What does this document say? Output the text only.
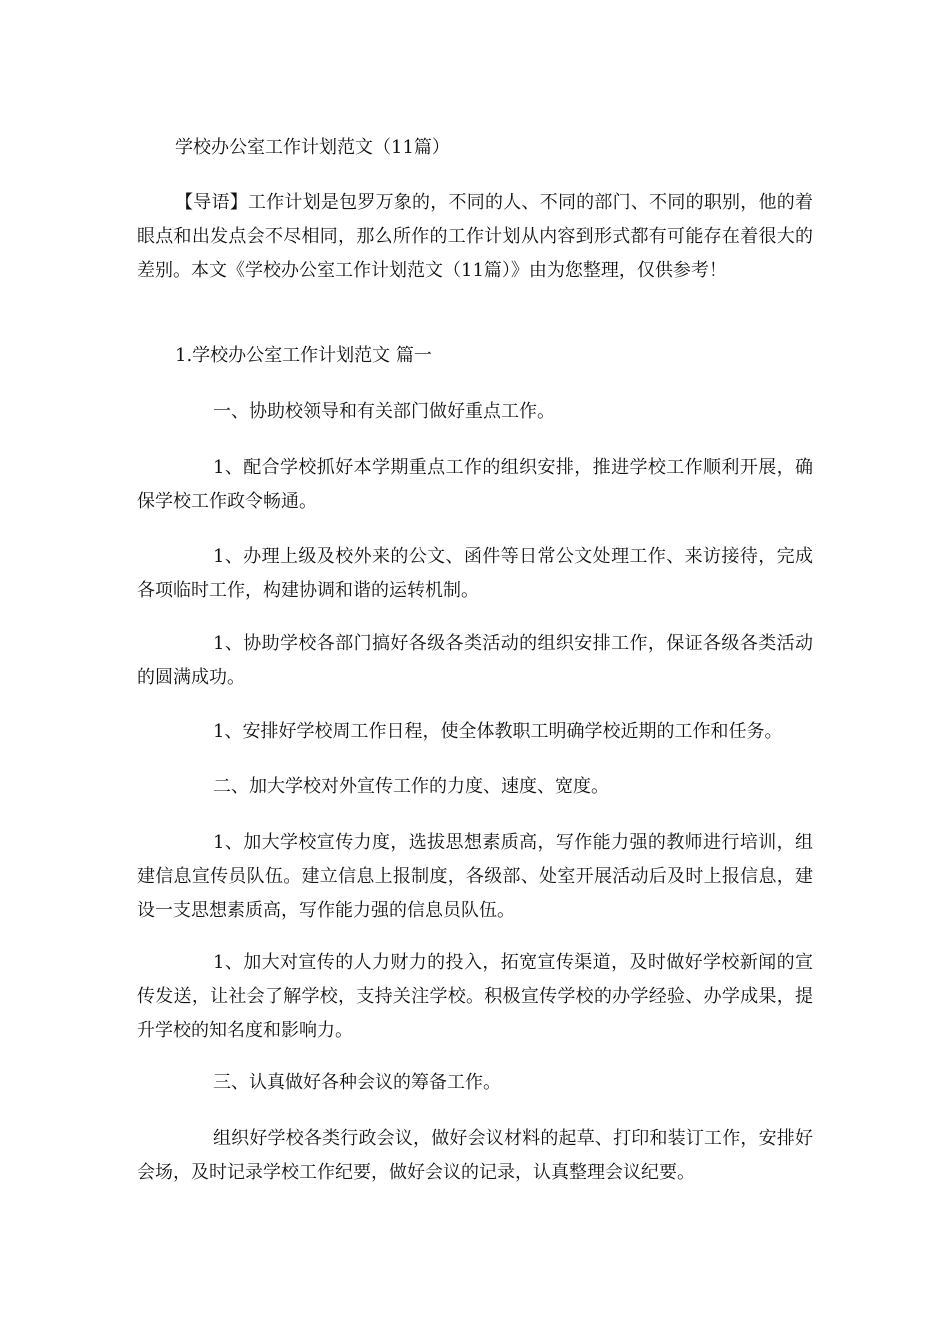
学校办公室工作计划范文（11篇）

【导语】工作计划是包罗万象的，不同的人、不同的部门、不同的职别，他的着眼点和出发点会不尽相同，那么所作的工作计划从内容到形式都有可能存在着很大的差别。本文《学校办公室工作计划范文（11篇）》由为您整理，仅供参考！

1.学校办公室工作计划范文 篇一

一、协助校领导和有关部门做好重点工作。

1、配合学校抓好本学期重点工作的组织安排，推进学校工作顺利开展，确保学校工作政令畅通。

1、办理上级及校外来的公文、函件等日常公文处理工作、来访接待，完成各项临时工作，构建协调和谐的运转机制。

1、协助学校各部门搞好各级各类活动的组织安排工作，保证各级各类活动的圆满成功。

1、安排好学校周工作日程，使全体教职工明确学校近期的工作和任务。

二、加大学校对外宣传工作的力度、速度、宽度。

1、加大学校宣传力度，选拔思想素质高，写作能力强的教师进行培训，组建信息宣传员队伍。建立信息上报制度，各级部、处室开展活动后及时上报信息，建设一支思想素质高，写作能力强的信息员队伍。

1、加大对宣传的人力财力的投入，拓宽宣传渠道，及时做好学校新闻的宣传发送，让社会了解学校，支持关注学校。积极宣传学校的办学经验、办学成果，提升学校的知名度和影响力。

三、认真做好各种会议的筹备工作。

组织好学校各类行政会议，做好会议材料的起草、打印和装订工作，安排好会场，及时记录学校工作纪要，做好会议的记录，认真整理会议纪要。
